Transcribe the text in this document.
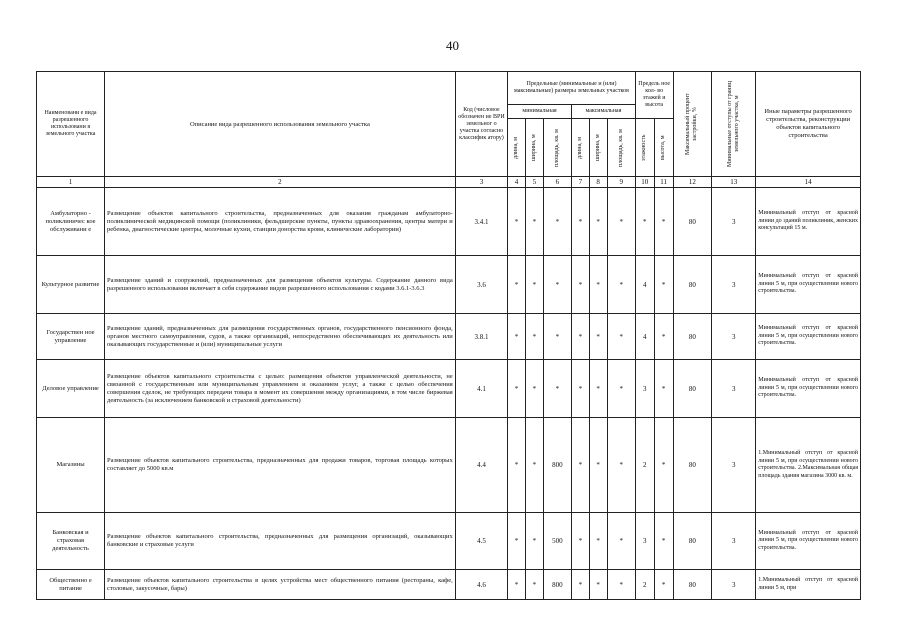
40
Наименовани е вида разрешенного использовани я земельного участка	Описание вида разрешенного использования земельного участка	Код (числовое обозначен ие ВРИ земельног о участка согласно классифик атору)	Предельные (минимальные и (или) максимальные) размеры земельных участков						Предель ное кол- во этажей и высота		Максимальный процент застройки, %	Минимальные отступы от границ земельного участка, м	Иные параметры разрешенного строительства, реконструкции объектов капитального строительства
			минимальная			максимальная							

			длина, м	ширина, м	площадь, кв. м	длина, м	ширина, м	площадь, кв. м	этажность	высота, м			

1	2	3	4	5	6	7	8	9	10	11	12	13	14
Амбулаторно - поликлиничес кое обслуживани е	Размещение объектов капитального строительства, предназначенных для оказания гражданам амбулаторно-поликлинической медицинской помощи (поликлиники, фельдшерские пункты, пункты здравоохранения, центры матери и ребенка, диагностические центры, молочные кухни, станции донорства крови, клинические лаборатории)	3.4.1	*	*	*	*	*	*	*	*	80	3	Минимальный отступ от красной линии до зданий поликлиник, женских консультаций 15 м.

Культурное развитие	Размещение зданий и сооружений, предназначенных для размещения объектов культуры. Содержание данного вида разрешенного использования включает в себя содержание видов разрешенного использования с кодами 3.6.1-3.6.3	3.6	*	*	*	*	*	*	4	*	80	3	Минимальный отступ от красной линии 5 м, при осуществлении нового строительства.

Государствен ное управление	Размещение зданий, предназначенных для размещения государственных органов, государственного пенсионного фонда, органов местного самоуправления, судов, а также организаций, непосредственно обеспечивающих их деятельность или оказывающих государственные и (или) муниципальные услуги	3.8.1	*	*	*	*	*	*	4	*	80	3	Минимальный отступ от красной линии 5 м, при осуществлении нового строительства.

Деловое управление	Размещение объектов капитального строительства с целью: размещения объектов управленческой деятельности, не связанной с государственным или муниципальным управлением и оказанием услуг, а также с целью обеспечения совершения сделок, не требующих передачи товара в момент их совершения между организациями, в том числе биржевая деятельность (за исключением банковской и страховой деятельности)	4.1	*	*	*	*	*	*	3	*	80	3	Минимальный отступ от красной линии 5 м, при осуществлении нового строительства.

Магазины	Размещение объектов капитального строительства, предназначенных для продажи товаров, торговая площадь которых составляет до 5000 кв.м	4.4	*	*	800	*	*	*	2	*	80	3	1.Минимальный отступ от красной линии 5 м, при осуществлении нового строительства. 2.Максимальная общая площадь здания магазина 3000 кв. м.

Банковская и страховая деятельность	Размещение объектов капитального строительства, предназначенных для размещения организаций, оказывающих банковские и страховые услуги	4.5	*	*	500	*	*	*	3	*	80	3	Минимальный отступ от красной линии 5 м, при осуществлении нового строительства.

Общественно е питание	Размещение объектов капитального строительства в целях устройства мест общественного питания (рестораны, кафе, столовые, закусочные, бары)	4.6	*	*	800	*	*	*	2	*	80	3	1.Минимальный отступ от красной линии 5 м, при
